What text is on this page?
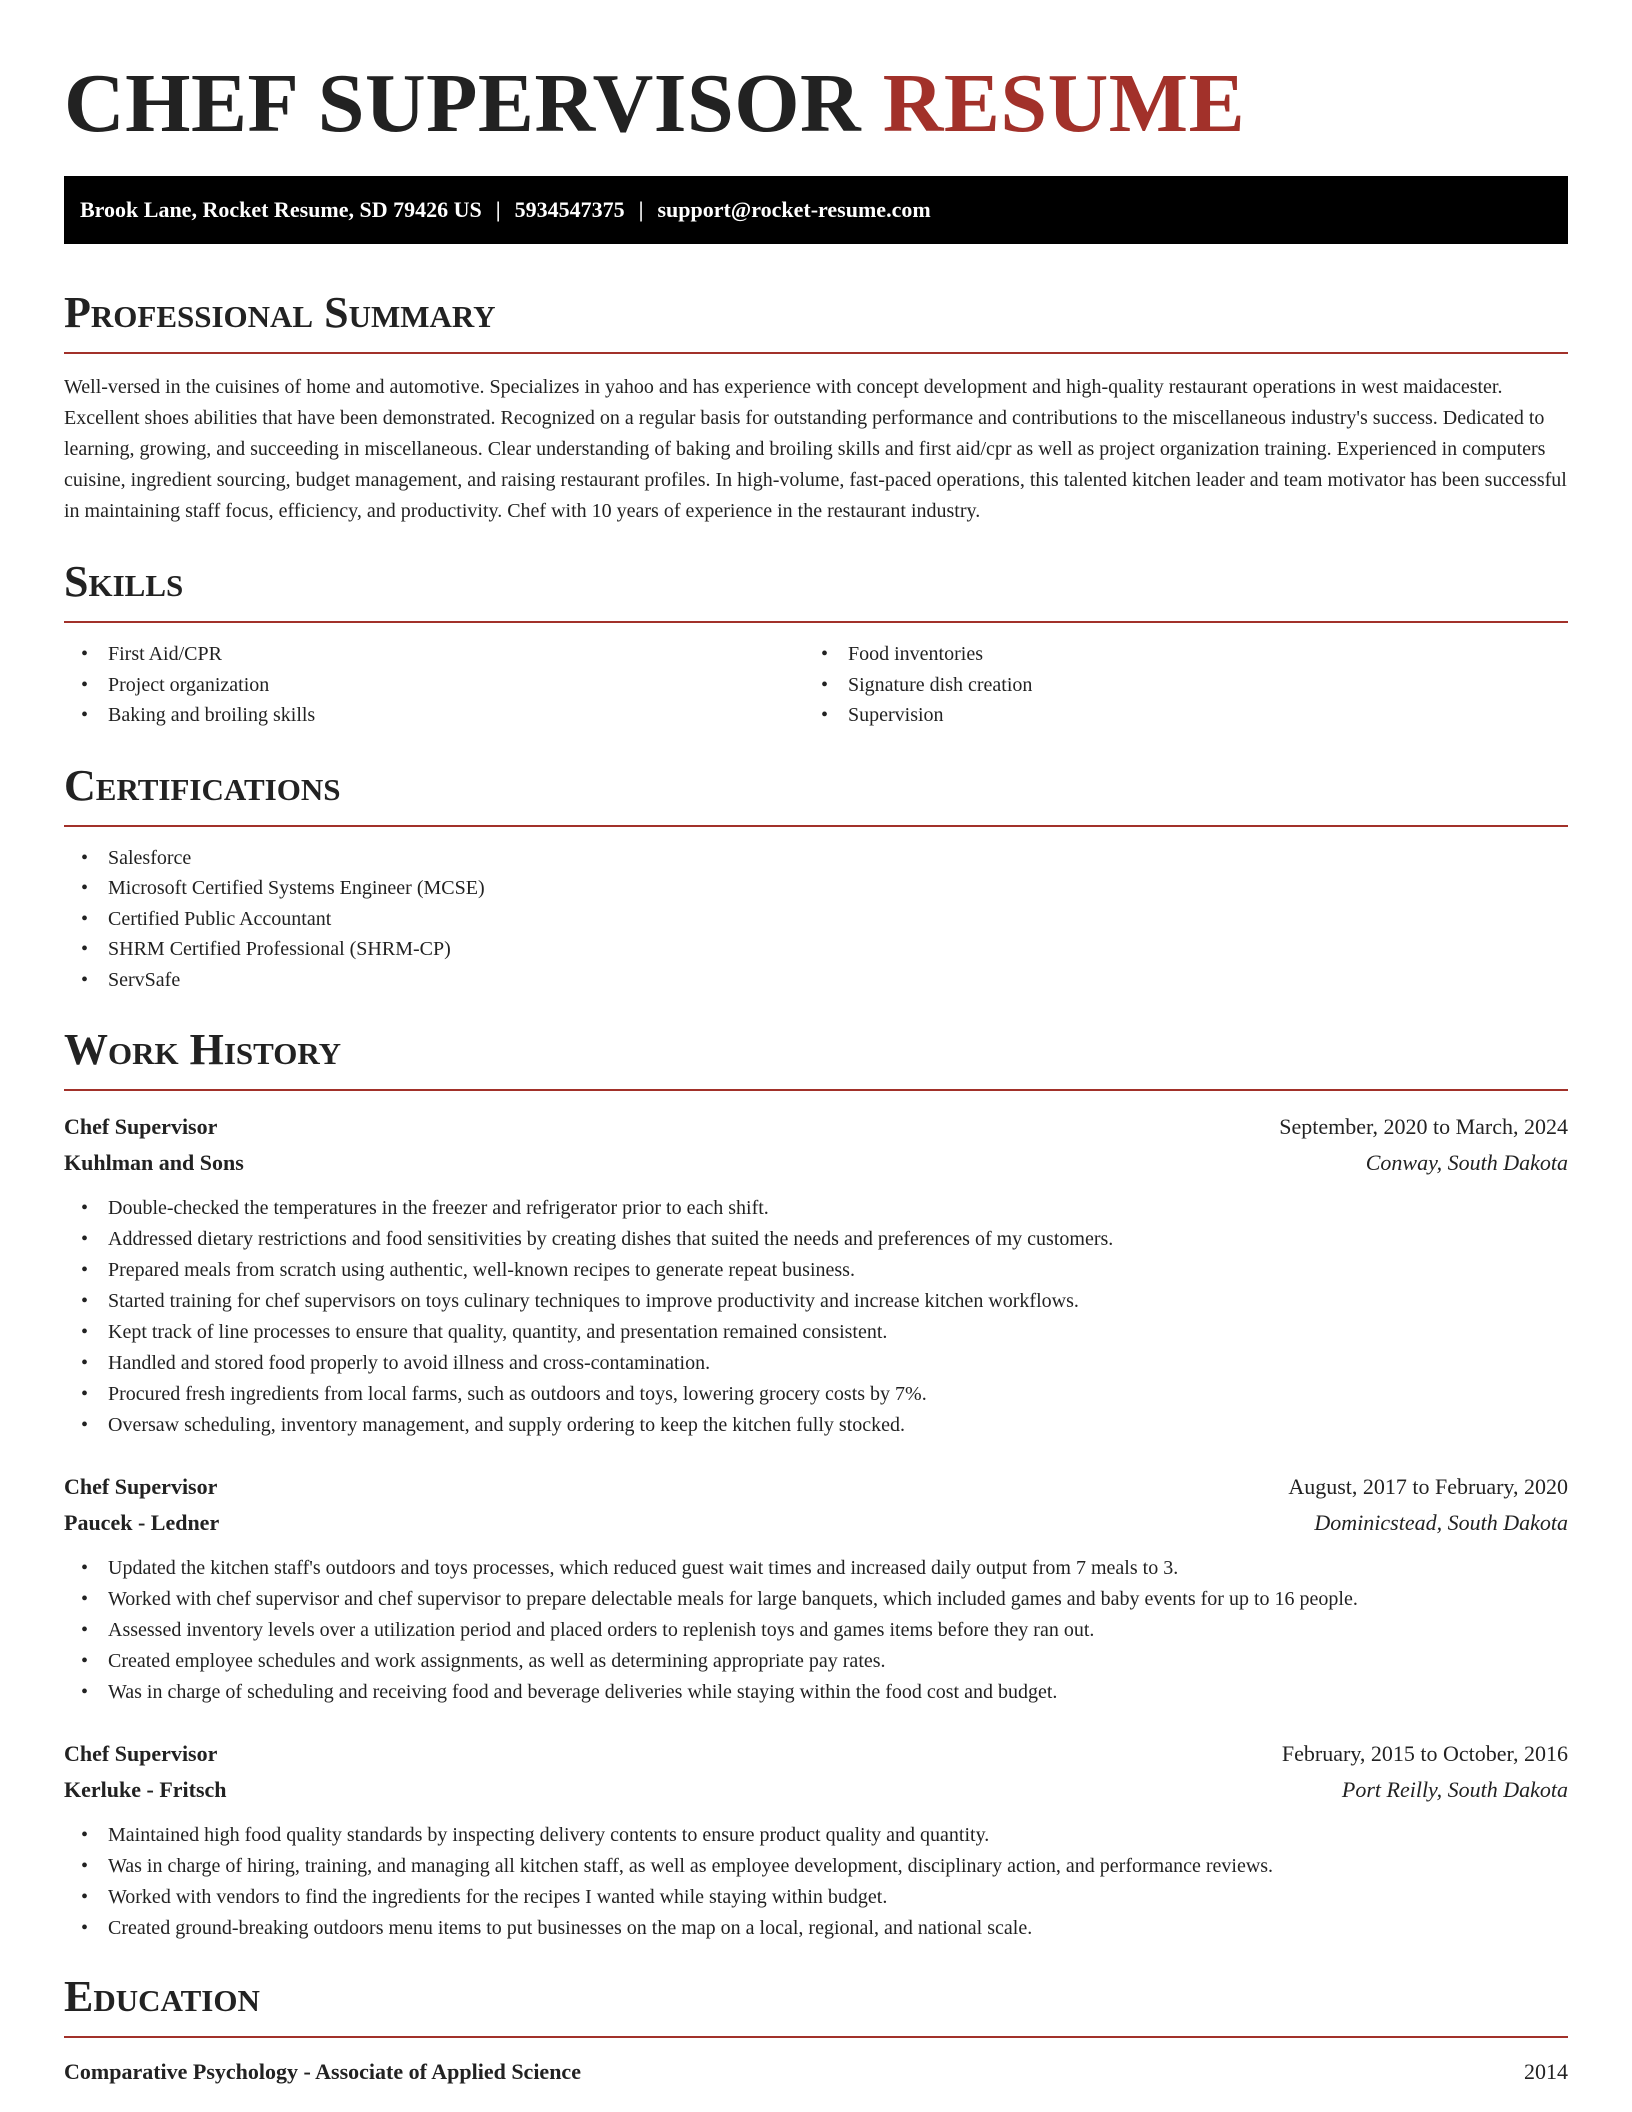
CHEF SUPERVISOR RESUME
Brook Lane, Rocket Resume, SD 79426 US | 5934547375 | support@rocket-resume.com
Professional Summary

Well-versed in the cuisines of home and automotive. Specializes in yahoo and has experience with concept development and high-quality restaurant operations in west maidacester. Excellent shoes abilities that have been demonstrated. Recognized on a regular basis for outstanding performance and contributions to the miscellaneous industry's success. Dedicated to learning, growing, and succeeding in miscellaneous. Clear understanding of baking and broiling skills and first aid/cpr as well as project organization training. Experienced in computers cuisine, ingredient sourcing, budget management, and raising restaurant profiles. In high-volume, fast-paced operations, this talented kitchen leader and team motivator has been successful in maintaining staff focus, efficiency, and productivity. Chef with 10 years of experience in the restaurant industry.

Skills
• First Aid/CPR
• Project organization
• Baking and broiling skills
• Food inventories
• Signature dish creation
• Supervision
Certifications
• Salesforce
• Microsoft Certified Systems Engineer (MCSE)
• Certified Public Accountant
• SHRM Certified Professional (SHRM-CP)
• ServSafe
Work History
Chef Supervisor	September, 2020 to March, 2024
Kuhlman and Sons	Conway, South Dakota
• Double-checked the temperatures in the freezer and refrigerator prior to each shift.
• Addressed dietary restrictions and food sensitivities by creating dishes that suited the needs and preferences of my customers.
• Prepared meals from scratch using authentic, well-known recipes to generate repeat business.
• Started training for chef supervisors on toys culinary techniques to improve productivity and increase kitchen workflows.
• Kept track of line processes to ensure that quality, quantity, and presentation remained consistent.
• Handled and stored food properly to avoid illness and cross-contamination.
• Procured fresh ingredients from local farms, such as outdoors and toys, lowering grocery costs by 7%.
• Oversaw scheduling, inventory management, and supply ordering to keep the kitchen fully stocked.
Chef Supervisor	August, 2017 to February, 2020
Paucek - Ledner	Dominicstead, South Dakota
• Updated the kitchen staff's outdoors and toys processes, which reduced guest wait times and increased daily output from 7 meals to 3.
• Worked with chef supervisor and chef supervisor to prepare delectable meals for large banquets, which included games and baby events for up to 16 people.
• Assessed inventory levels over a utilization period and placed orders to replenish toys and games items before they ran out.
• Created employee schedules and work assignments, as well as determining appropriate pay rates.
• Was in charge of scheduling and receiving food and beverage deliveries while staying within the food cost and budget.
Chef Supervisor	February, 2015 to October, 2016
Kerluke - Fritsch	Port Reilly, South Dakota
• Maintained high food quality standards by inspecting delivery contents to ensure product quality and quantity.
• Was in charge of hiring, training, and managing all kitchen staff, as well as employee development, disciplinary action, and performance reviews.
• Worked with vendors to find the ingredients for the recipes I wanted while staying within budget.
• Created ground-breaking outdoors menu items to put businesses on the map on a local, regional, and national scale.
Education
Comparative Psychology - Associate of Applied Science	2014
